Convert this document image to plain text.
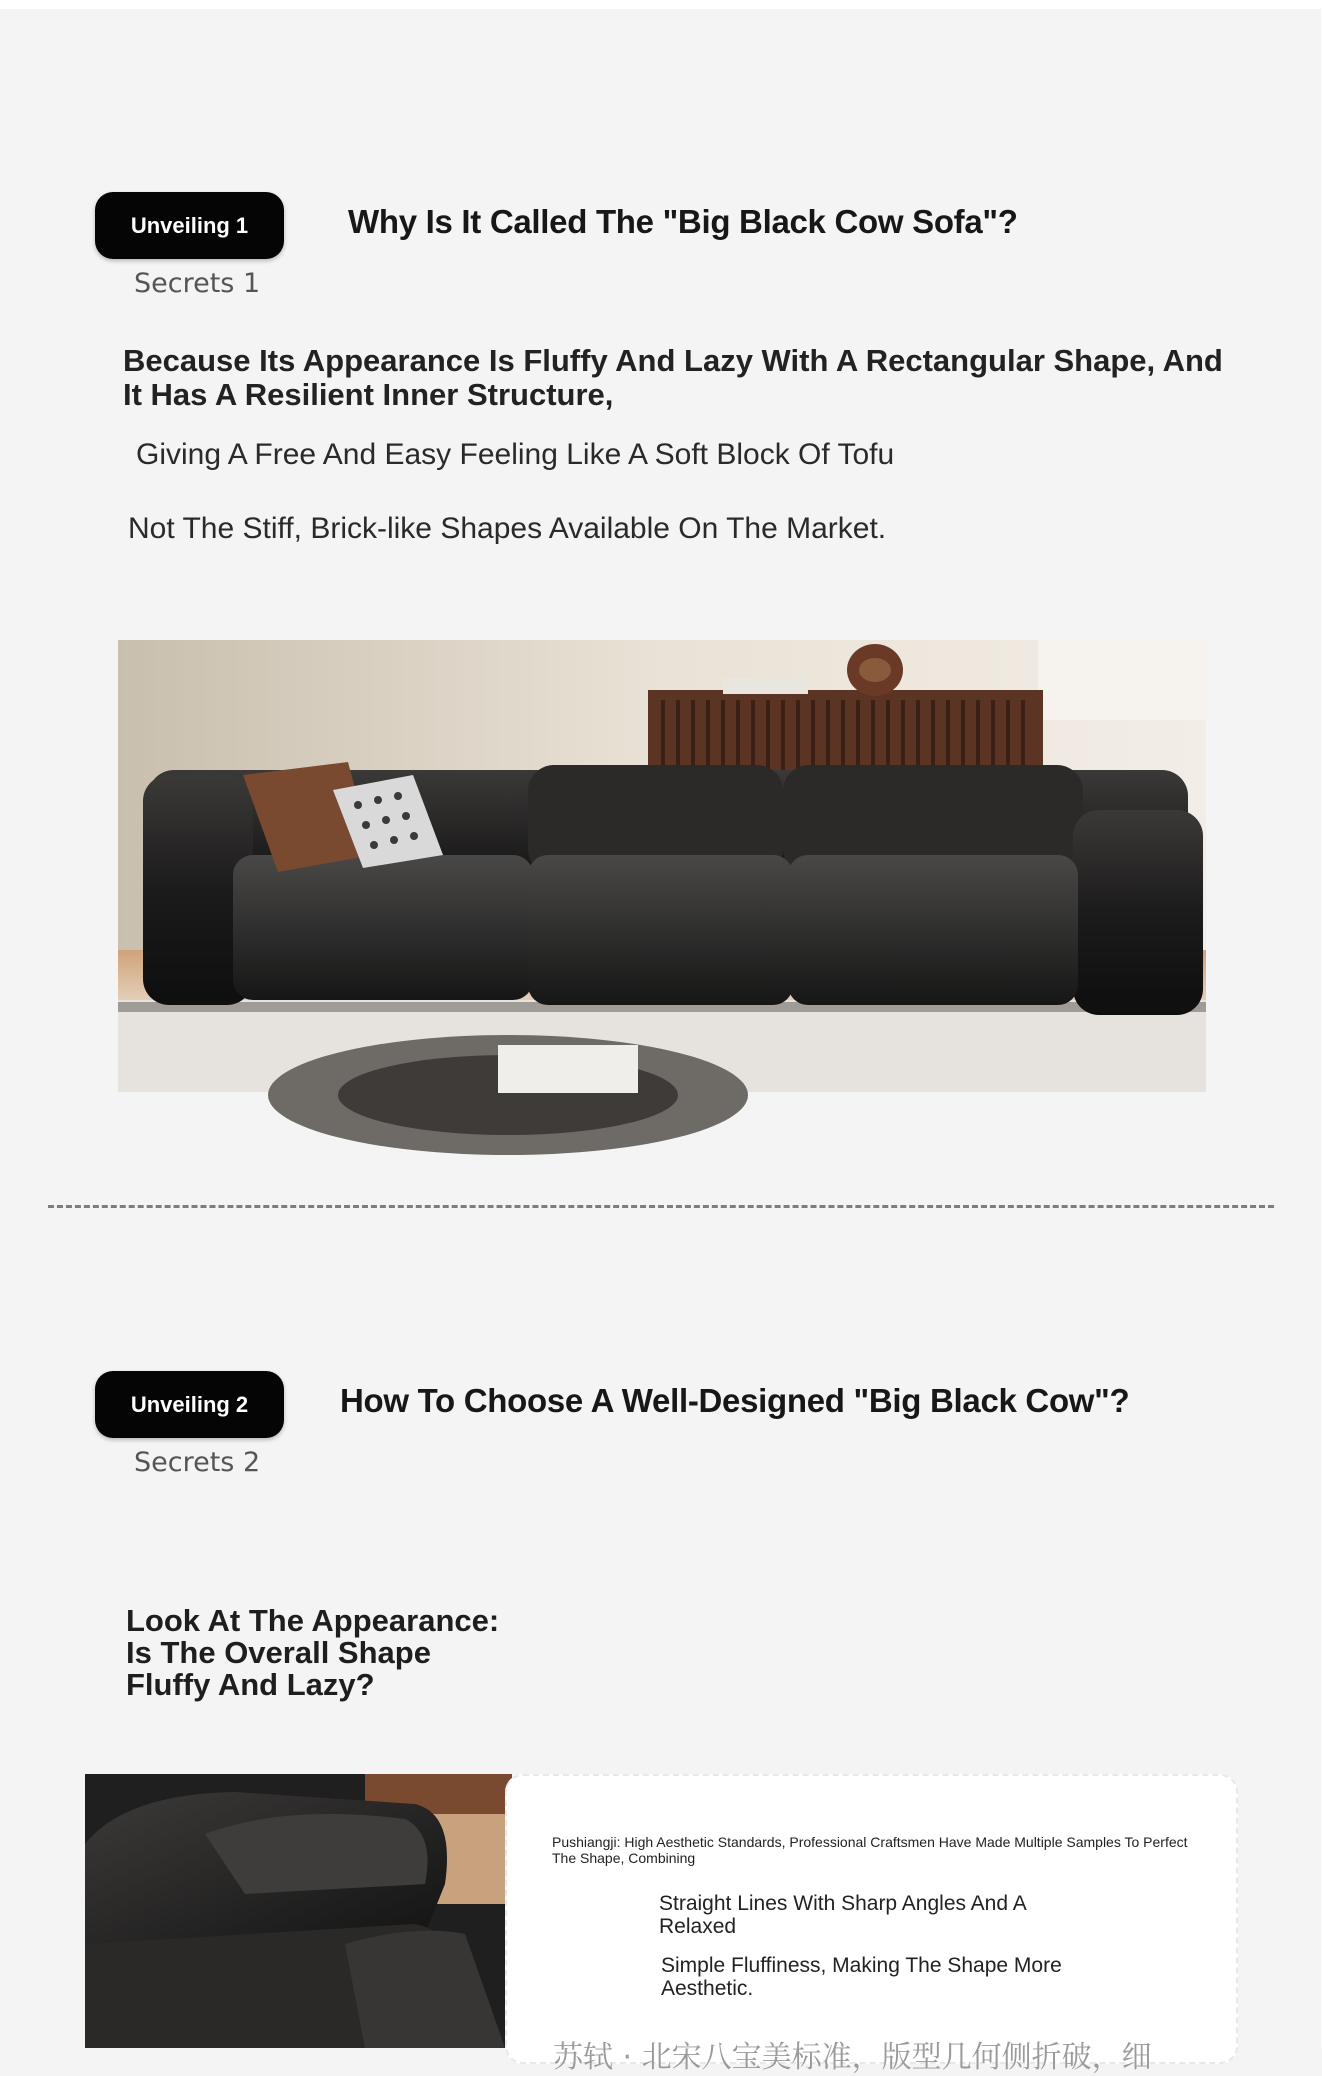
Unveiling 1
Secrets 1
Why Is It Called The "Big Black Cow Sofa"?
Because Its Appearance Is Fluffy And Lazy With A Rectangular Shape, And It Has A Resilient Inner Structure,
Giving A Free And Easy Feeling Like A Soft Block Of Tofu
Not The Stiff, Brick-like Shapes Available On The Market.
Unveiling 2
Secrets 2
How To Choose A Well-Designed "Big Black Cow"?
Look At The Appearance:
Is The Overall Shape
Fluffy And Lazy?
Pushiangji: High Aesthetic Standards, Professional Craftsmen Have Made Multiple Samples To Perfect The Shape, Combining
Straight Lines With Sharp Angles And A Relaxed
Simple Fluffiness, Making The Shape More Aesthetic.
苏轼 · 北宋八宝美标准，版型几何侧折破，细
